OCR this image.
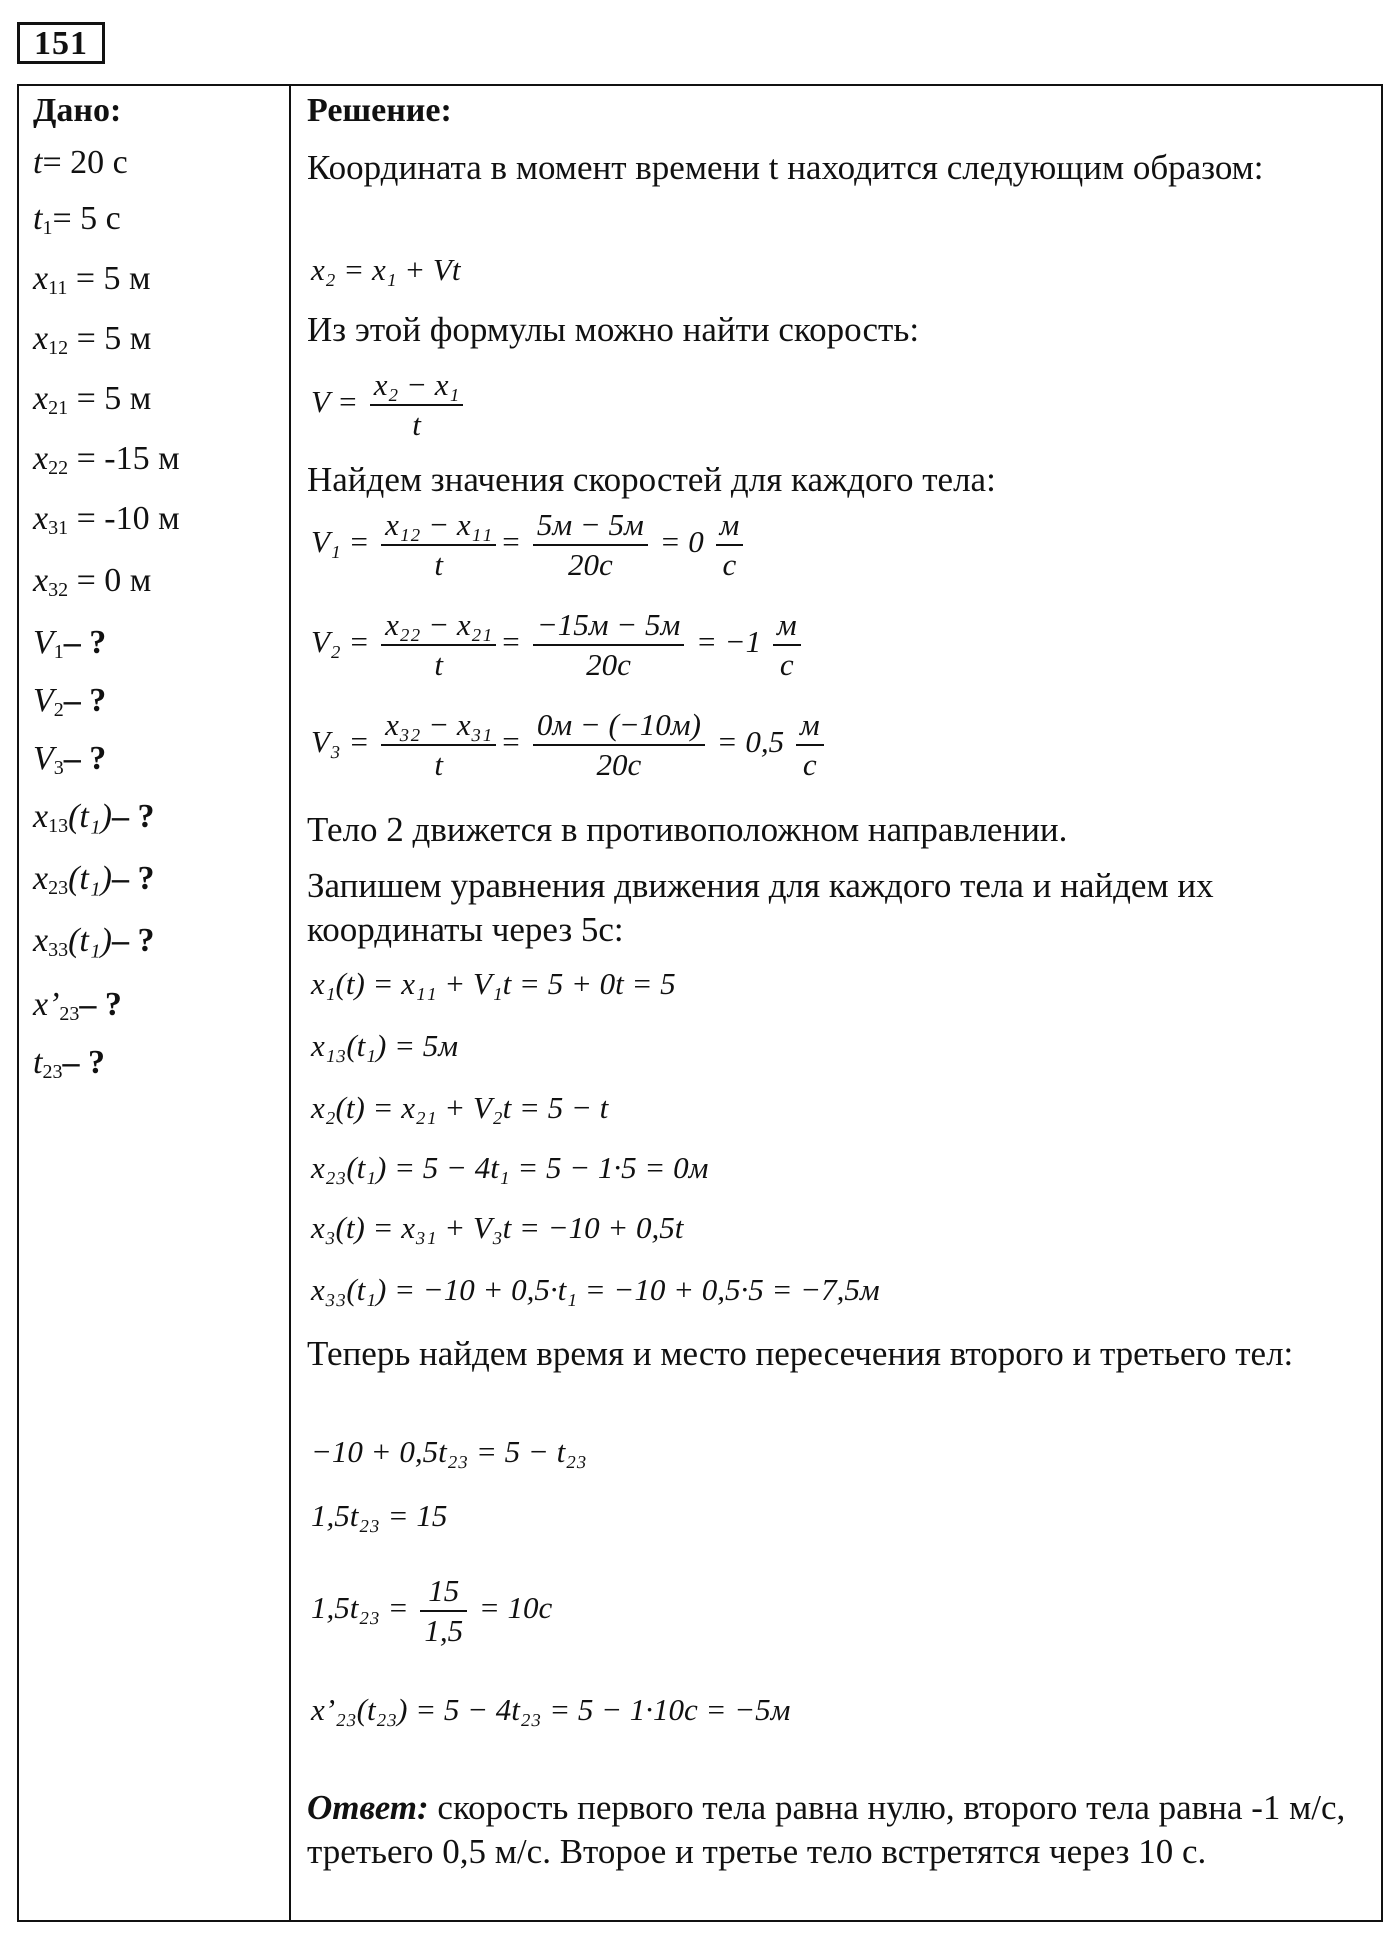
151
Дано:
t= 20 с
$t_1= 5$ с
$x_{11} = 5$ м
$x_{12} = 5$ м
$x_{21} = 5$ м
$x_{22} = -15$ м
$x_{31} = -10$ м
$x_{32} = 0$ м
$V_1-$ ?
$V_2-$ ?
$V_3-$ ?
$x_{13}(t_1)-$ ?
$x_{23}(t_1)-$ ?
$x_{33}(t_1)-$ ?
$x’_{23}-$ ?
$t_{23}-$ ?
Решение:
Координата в момент времени t находится следующим образом:
x₂ = x₁ + Vt
Из этой формулы можно найти скорость:
$V = \frac{\text{x₂ − x₁}}{t}$
Найдем значения скоростей для каждого тела:
$V_1 = \frac{\text{x₁₂ − x₁₁}}{t} = \frac{5м - 5м}{20с} = 0 \frac{м}{с}$
$V_2 = \frac{\text{x₂₂ − x₂₁}}{t} = \frac{-15м - 5м}{20с} = -1 \frac{м}{с}$
$V_3 = \frac{\text{x₃₂ − x₃₁}}{t} = \frac{0м - (-10м)}{20с} = 0,5 \frac{м}{с}$
Тело 2 движется в противоположном направлении.
Запишем уравнения движения для каждого тела и найдем их координаты через 5с:
x₁(t) = x₁₁ + V₁t = 5 + 0t = 5
x₁₃(t₁) = 5м
x₂(t) = x₂₁ + V₂t = 5 − t
x₂₃(t₁) = 5 − 4t₁ = 5 − 1·5 = 0м
x₃(t) = x₃₁ + V₃t = −10 + 0,5t
x₃₃(t₁) = −10 + 0,5·t₁ = −10 + 0,5·5 = −7,5м
Теперь найдем время и место пересечения второго и третьего тел:
−10 + 0,5t₂₃ = 5 − t₂₃
1,5t₂₃ = 15
$1,5t_{23} = \frac{15}{1,5} = 10с$
x’₂₃(t₂₃) = 5 − 4t₂₃ = 5 − 1·10с = −5м
Ответ: скорость первого тела равна нулю, второго тела равна -1 м/с, третьего 0,5 м/с. Второе и третье тело встретятся через 10 с.
